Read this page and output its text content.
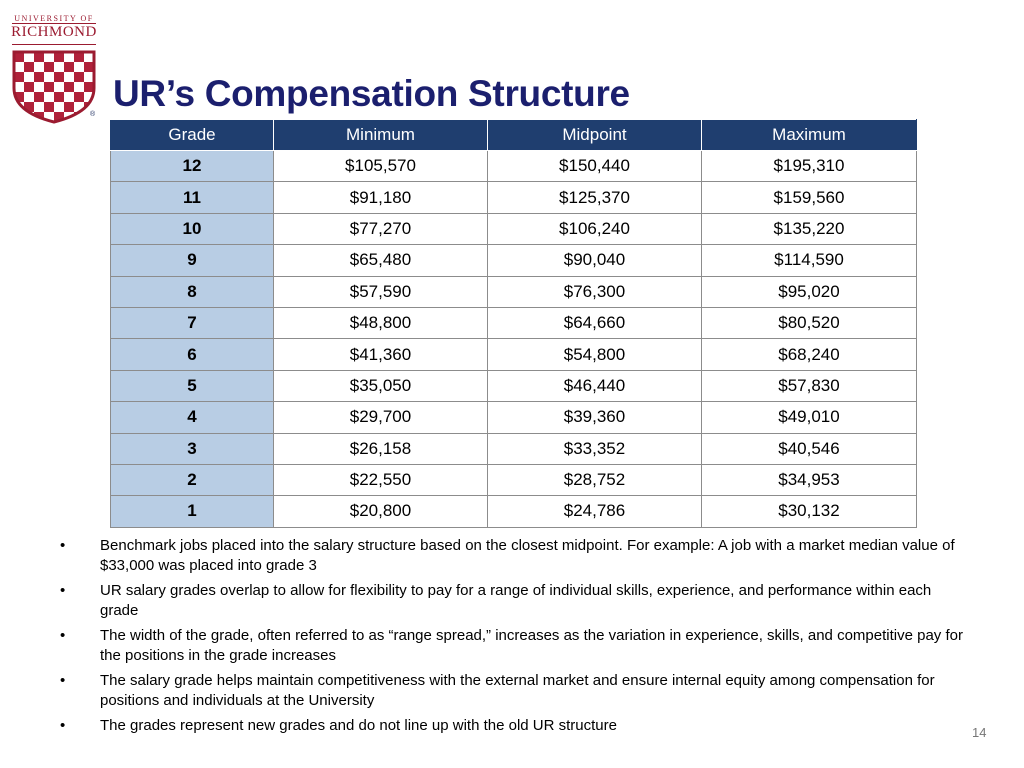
UNIVERSITY OF
RICHMOND
®
UR’s Compensation Structure
Grade	Minimum	Midpoint	Maximum
12	$105,570	$150,440	$195,310
11	$91,180	$125,370	$159,560
10	$77,270	$106,240	$135,220
9	$65,480	$90,040	$114,590
8	$57,590	$76,300	$95,020
7	$48,800	$64,660	$80,520
6	$41,360	$54,800	$68,240
5	$35,050	$46,440	$57,830
4	$29,700	$39,360	$49,010
3	$26,158	$33,352	$40,546
2	$22,550	$28,752	$34,953
1	$20,800	$24,786	$30,132
• Benchmark jobs placed into the salary structure based on the closest midpoint. For example: A job with a market median value of $33,000 was placed into grade 3
• UR salary grades overlap to allow for flexibility to pay for a range of individual skills, experience, and performance within each grade
• The width of the grade, often referred to as “range spread,” increases as the variation in experience, skills, and competitive pay for the positions in the grade increases
• The salary grade helps maintain competitiveness with the external market and ensure internal equity among compensation for positions and individuals at the University
• The grades represent new grades and do not line up with the old UR structure	14
